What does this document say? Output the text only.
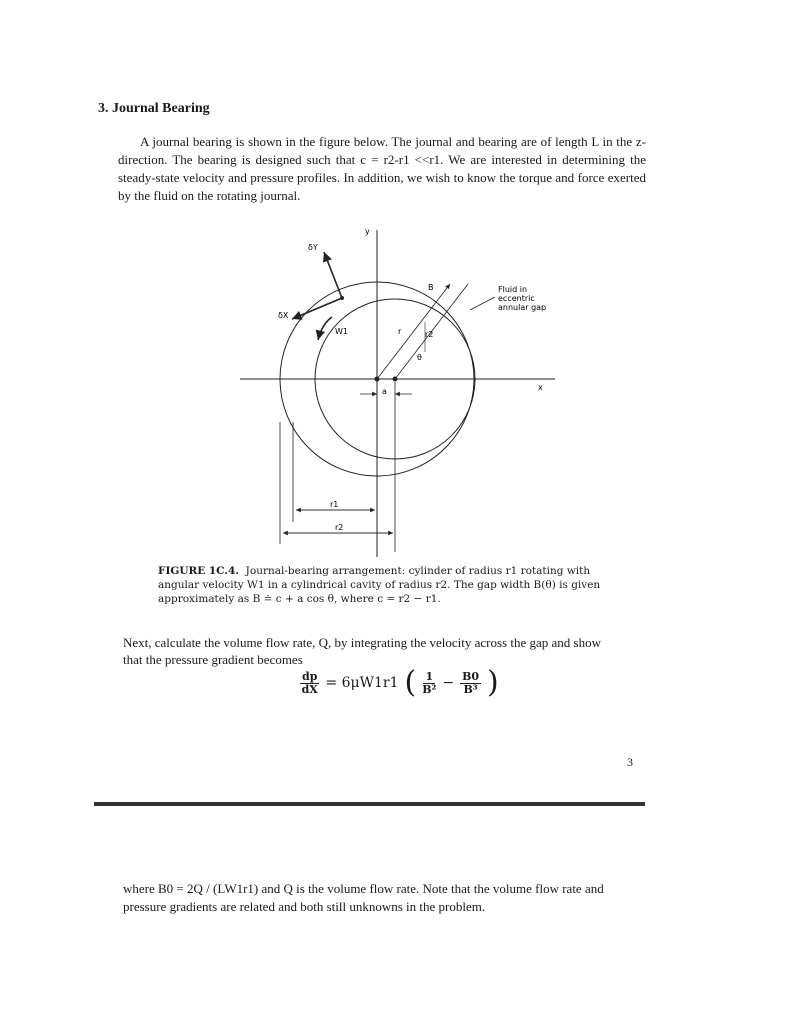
3. Journal Bearing
A journal bearing is shown in the figure below. The journal and bearing are of length L in the z-direction. The bearing is designed such that c = r2-r1 <<r1. We are interested in determining the steady-state velocity and pressure profiles. In addition, we wish to know the torque and force exerted by the fluid on the rotating journal.
y
x
δY
δX
W1
B
r	r2
θ
a
Fluid in
eccentric
annular gap
r1
r2
FIGURE 1C.4. Journal-bearing arrangement: cylinder of radius r1 rotating with angular velocity W1 in a cylindrical cavity of radius r2. The gap width B(θ) is given approximately as B ≐ c + a cos θ, where c = r2 − r1.
Next, calculate the volume flow rate, Q, by integrating the velocity across the gap and show that the pressure gradient becomes
$\frac{dp}{dX} = 6\mu W1r1$ ( $\frac{1}{\text{B²}} - \frac{B0}{\text{B³}}$ )
3
where B0 = 2Q / (LW1r1) and Q is the volume flow rate. Note that the volume flow rate and pressure gradients are related and both still unknowns in the problem.
